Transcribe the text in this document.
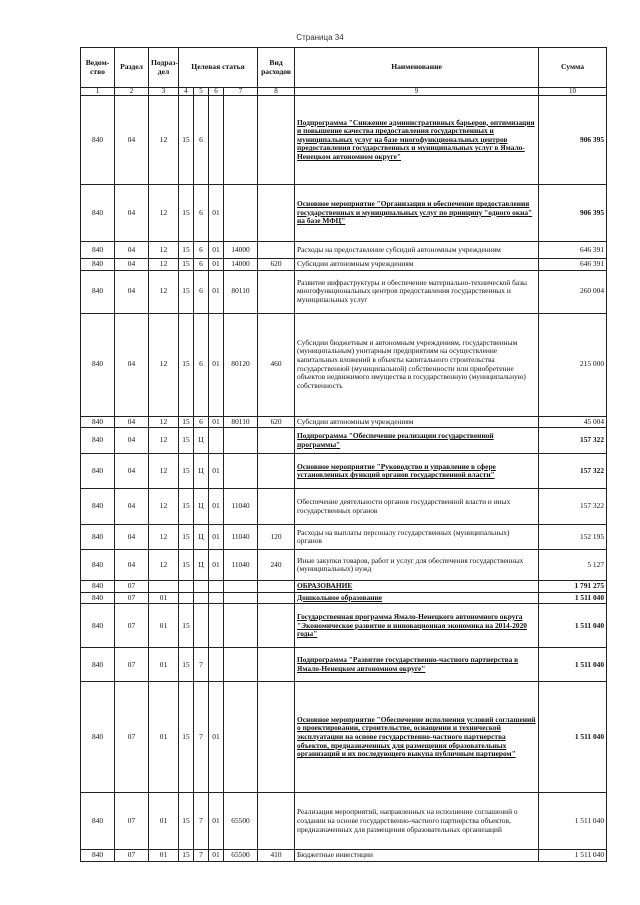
Страница 34
Ведом-ство	Раздел	Подраз-дел	Целевая статья				Вид расходов	Наименование	Сумма
1	2	3	4	5	6	7	8	9	10
840	04	12	15	6				Подпрограмма "Снижение административных барьеров, оптимизация и повышение качества предоставления государственных и муниципальных услуг на базе многофункциональных центров предоставления государственных и муниципальных услуг в Ямало-Ненецком автономном округе"	906 395
840	04	12	15	6	01			Основное мероприятие "Организация и обеспечение предоставления государственных и муниципальных услуг по принципу "одного окна" на базе МФЦ"	906 395
840	04	12	15	6	01	14000		Расходы на предоставление субсидий автономным учреждениям	646 391
840	04	12	15	6	01	14000	620	Субсидии автономным учреждениям	646 391
840	04	12	15	6	01	80110		Развитие инфраструктуры и обеспечение материально-технической базы многофункциональных центров предоставления государственных и муниципальных услуг	260 004
840	04	12	15	6	01	80120	460	Субсидии бюджетным и автономным учреждениям, государственным (муниципальным) унитарным предприятиям на осуществление капитальных вложений в объекты капитального строительства государственной (муниципальной) собственности или приобретение объектов недвижимого имущества в государственную (муниципальную) собственность	215 000
840	04	12	15	6	01	80110	620	Субсидии автономным учреждениям	45 004
840	04	12	15	Ц				Подпрограмма "Обеспечение реализации государственной программы"	157 322
840	04	12	15	Ц	01			Основное мероприятие "Руководство и управление в сфере установленных функций органов государственной власти"	157 322
840	04	12	15	Ц	01	11040		Обеспечение деятельности органов государственной власти и иных государственных органов	157 322
840	04	12	15	Ц	01	11040	120	Расходы на выплаты персоналу государственных (муниципальных) органов	152 195
840	04	12	15	Ц	01	11040	240	Иные закупки товаров, работ и услуг для обеспечения государственных (муниципальных) нужд	5 127
840	07							ОБРАЗОВАНИЕ	1 791 275
840	07	01						Дошкольное образование	1 511 040
840	07	01	15					Государственная программа Ямало-Ненецкого автономного округа "Экономическое развитие и инновационная экономика на 2014-2020 годы"	1 511 040
840	07	01	15	7				Подпрограмма "Развитие государственно-частного партнерства в Ямало-Ненецком автономном округе"	1 511 040
840	07	01	15	7	01			Основное мероприятие "Обеспечение исполнения условий соглашений о проектировании, строительстве, оснащении и технической эксплуатации на основе государственно-частного партнерства объектов, предназначенных для размещения образовательных организаций и их последующего выкупа публичным партнером"	1 511 040
840	07	01	15	7	01	65500		Реализация мероприятий, направленных на исполнение соглашений о создании на основе государственно-частного партнерства объектов, предназначенных для размещения образовательных организаций	1 511 040
840	07	01	15	7	01	65500	410	Бюджетные инвестиции	1 511 040
